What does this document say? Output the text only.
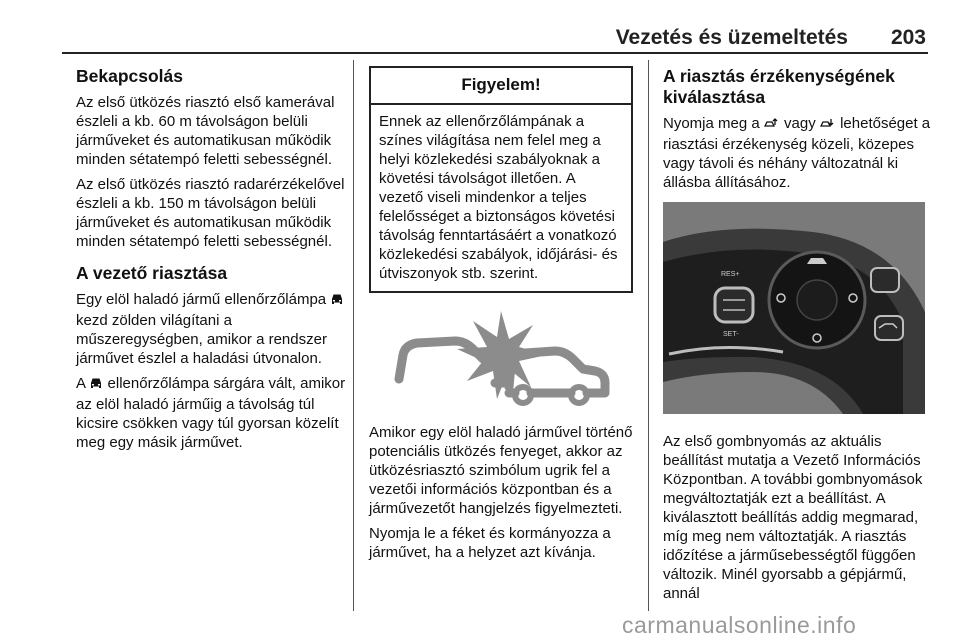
Vezetés és üzemeltetés 203
Bekapcsolás

Az első ütközés riasztó első kamerával észleli a kb. 60 m távolságon belüli járműveket és automatikusan működik minden sétatempó feletti sebességnél.

Az első ütközés riasztó radarérzékelővel észleli a kb. 150 m távolságon belüli járműveket és automatikusan működik minden sétatempó feletti sebességnél.

A vezető riasztása

Egy elöl haladó jármű ellenőrzőlámpa  kezd zölden világítani a műszeregységben, amikor a rendszer járművet észlel a haladási útvonalon.

A ellenőrzőlámpa sárgára vált, amikor az elöl haladó járműig a távolság túl kicsire csökken vagy túl gyorsan közelít meg egy másik járművet.

Figyelem!
Ennek az ellenőrzőlámpának a színes világítása nem felel meg a helyi közlekedési szabályoknak a követési távolságot illetően. A vezető viseli mindenkor a teljes felelősséget a biztonságos követési távolság fenntartásáért a vonatkozó közlekedési szabályok, időjárási- és útviszonyok stb. szerint.

Amikor egy elöl haladó járművel történő potenciális ütközés fenyeget, akkor az ütközésriasztó szimbólum ugrik fel a vezetői információs központban és a járművezetőt hangjelzés figyelmezteti.

Nyomja le a féket és kormányozza a járművet, ha a helyzet azt kívánja.

A riasztás érzékenységének kiválasztása

Nyomja meg a vagy lehetőséget a riasztási érzékenység közeli, közepes vagy távoli és néhány változatnál ki állásba állításához.

RES+
SET-

Az első gombnyomás az aktuális beállítást mutatja a Vezető Információs Központban. A további gombnyomások megváltoztatják ezt a beállítást. A kiválasztott beállítás addig megmarad, míg meg nem változtatják. A riasztás időzítése a járműsebességtől függően változik. Minél gyorsabb a gépjármű, annál

carmanualsonline.info
